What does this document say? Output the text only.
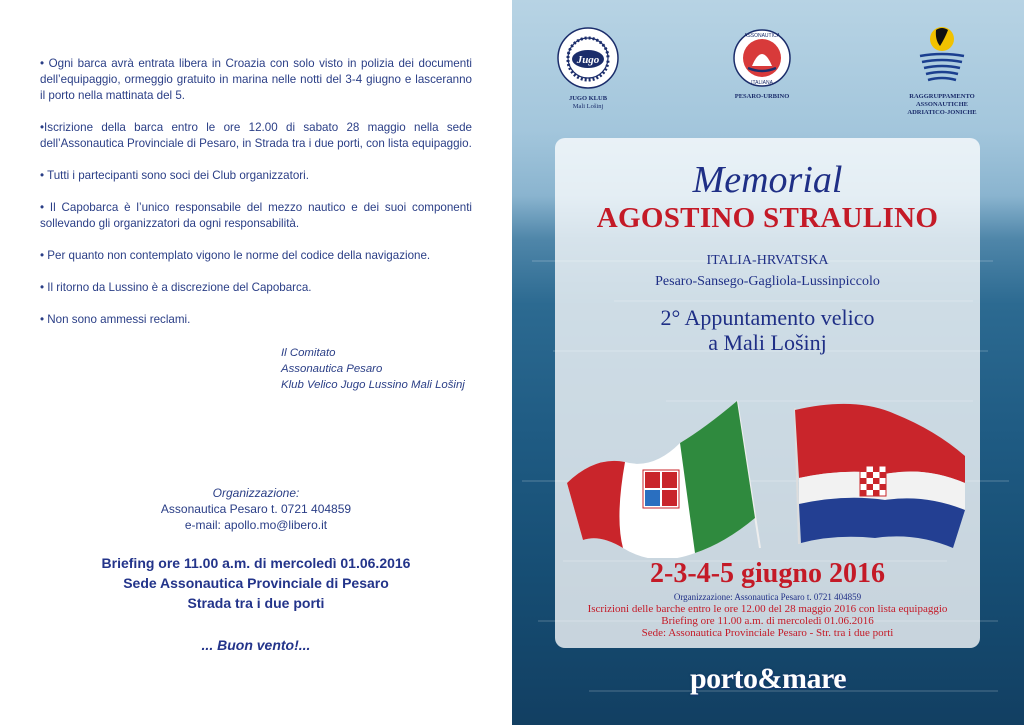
• Ogni barca avrà entrata libera in Croazia con solo visto in polizia dei documenti dell’equipaggio, ormeggio gratuito in marina nelle notti del 3-4 giugno e lasceranno il porto nella mattinata del 5.

•Iscrizione della barca entro le ore 12.00 di sabato 28 maggio nella sede dell’Assonautica Provinciale di Pesaro, in Strada tra i due porti, con lista equipaggio.

• Tutti i partecipanti sono soci dei Club organizzatori.

• Il Capobarca è l’unico responsabile del mezzo nautico e dei suoi componenti sollevando gli organizzatori da ogni responsabilità.

• Per quanto non contemplato vigono le norme del codice della navigazione.

• Il ritorno da Lussino è a discrezione del Capobarca.

• Non sono ammessi reclami.

Il Comitato
Assonautica Pesaro
Klub Velico Jugo Lussino Mali Lošinj
Organizzazione:
Assonautica Pesaro t. 0721 404859
e-mail: apollo.mo@libero.it
Briefing ore 11.00 a.m. di mercoledì 01.06.2016
Sede Assonautica Provinciale di Pesaro
Strada tra i due porti
... Buon vento!...
Jugo
JUGO KLUB
Mali Lošinj
ASSONAUTICA
ITALIANA
PESARO-URBINO	RAGGRUPPAMENTO
ASSONAUTICHE
ADRIATICO-JONICHE
Memorial
AGOSTINO STRAULINO
ITALIA-HRVATSKA
Pesaro-Sansego-Gagliola-Lussinpiccolo
2° Appuntamento velico
a Mali Lošinj
2-3-4-5 giugno 2016
Organizzazione: Assonautica Pesaro t. 0721 404859
Iscrizioni delle barche entro le ore 12.00 del 28 maggio 2016 con lista equipaggio
Briefing ore 11.00 a.m. di mercoledì 01.06.2016
Sede: Assonautica Provinciale Pesaro - Str. tra i due porti
porto&mare
